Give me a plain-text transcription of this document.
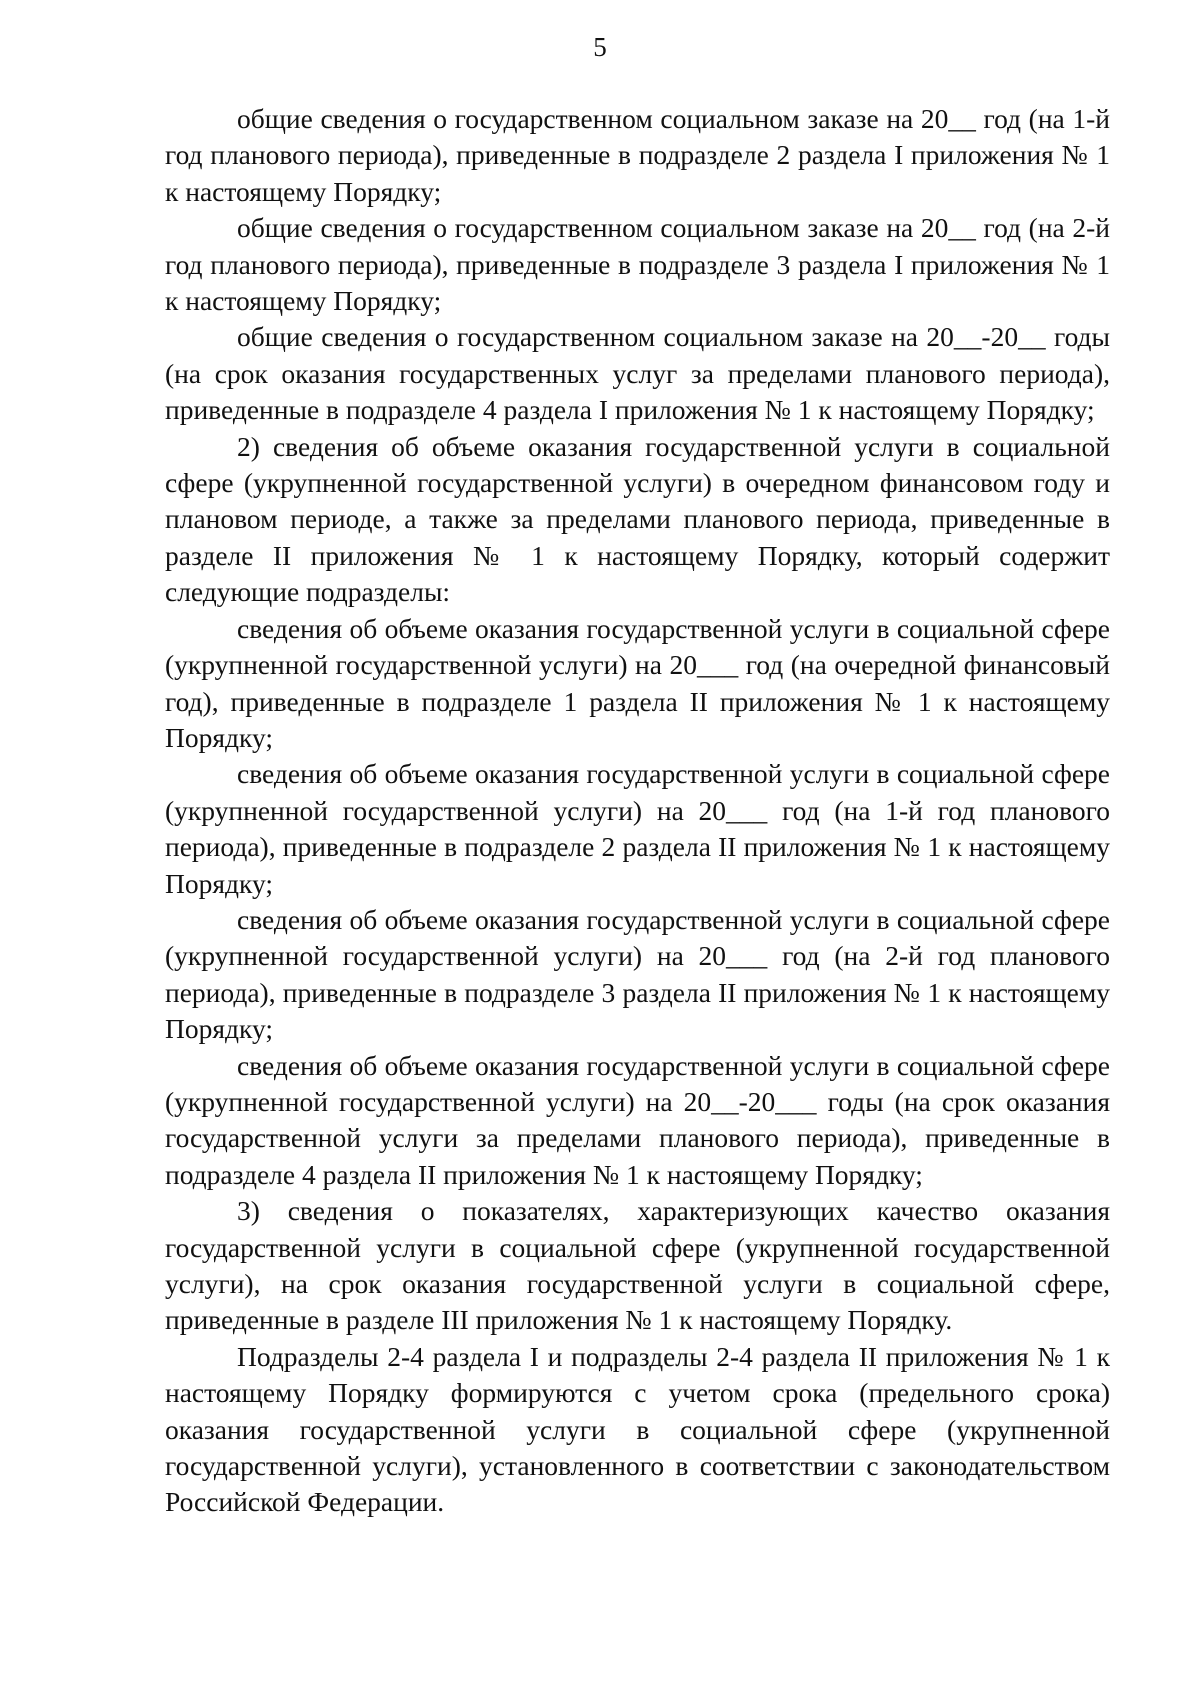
5

общие сведения о государственном социальном заказе на 20__ год (на 1-й год планового периода), приведенные в подразделе 2 раздела I приложения № 1 к настоящему Порядку;

общие сведения о государственном социальном заказе на 20__ год (на 2-й год планового периода), приведенные в подразделе 3 раздела I приложения № 1 к настоящему Порядку;

общие сведения о государственном социальном заказе на 20__-20__ годы (на срок оказания государственных услуг за пределами планового периода), приведенные в подразделе 4 раздела I приложения № 1 к настоящему Порядку;

2) сведения об объеме оказания государственной услуги в социальной сфере (укрупненной государственной услуги) в очередном финансовом году и плановом периоде, а также за пределами планового периода, приведенные в разделе II приложения № 1 к настоящему Порядку, который содержит следующие подразделы:

сведения об объеме оказания государственной услуги в социальной сфере (укрупненной государственной услуги) на 20___ год (на очередной финансовый год), приведенные в подразделе 1 раздела II приложения № 1 к настоящему Порядку;

сведения об объеме оказания государственной услуги в социальной сфере (укрупненной государственной услуги) на 20___ год (на 1-й год планового периода), приведенные в подразделе 2 раздела II приложения № 1 к настоящему Порядку;

сведения об объеме оказания государственной услуги в социальной сфере (укрупненной государственной услуги) на 20___ год (на 2-й год планового периода), приведенные в подразделе 3 раздела II приложения № 1 к настоящему Порядку;

сведения об объеме оказания государственной услуги в социальной сфере (укрупненной государственной услуги) на 20__-20___ годы (на срок оказания государственной услуги за пределами планового периода), приведенные в подразделе 4 раздела II приложения № 1 к настоящему Порядку;

3) сведения о показателях, характеризующих качество оказания государственной услуги в социальной сфере (укрупненной государственной услуги), на срок оказания государственной услуги в социальной сфере, приведенные в разделе III приложения № 1 к настоящему Порядку.

Подразделы 2-4 раздела I и подразделы 2-4 раздела II приложения № 1 к настоящему Порядку формируются с учетом срока (предельного срока) оказания государственной услуги в социальной сфере (укрупненной государственной услуги), установленного в соответствии с законодательством Российской Федерации.
